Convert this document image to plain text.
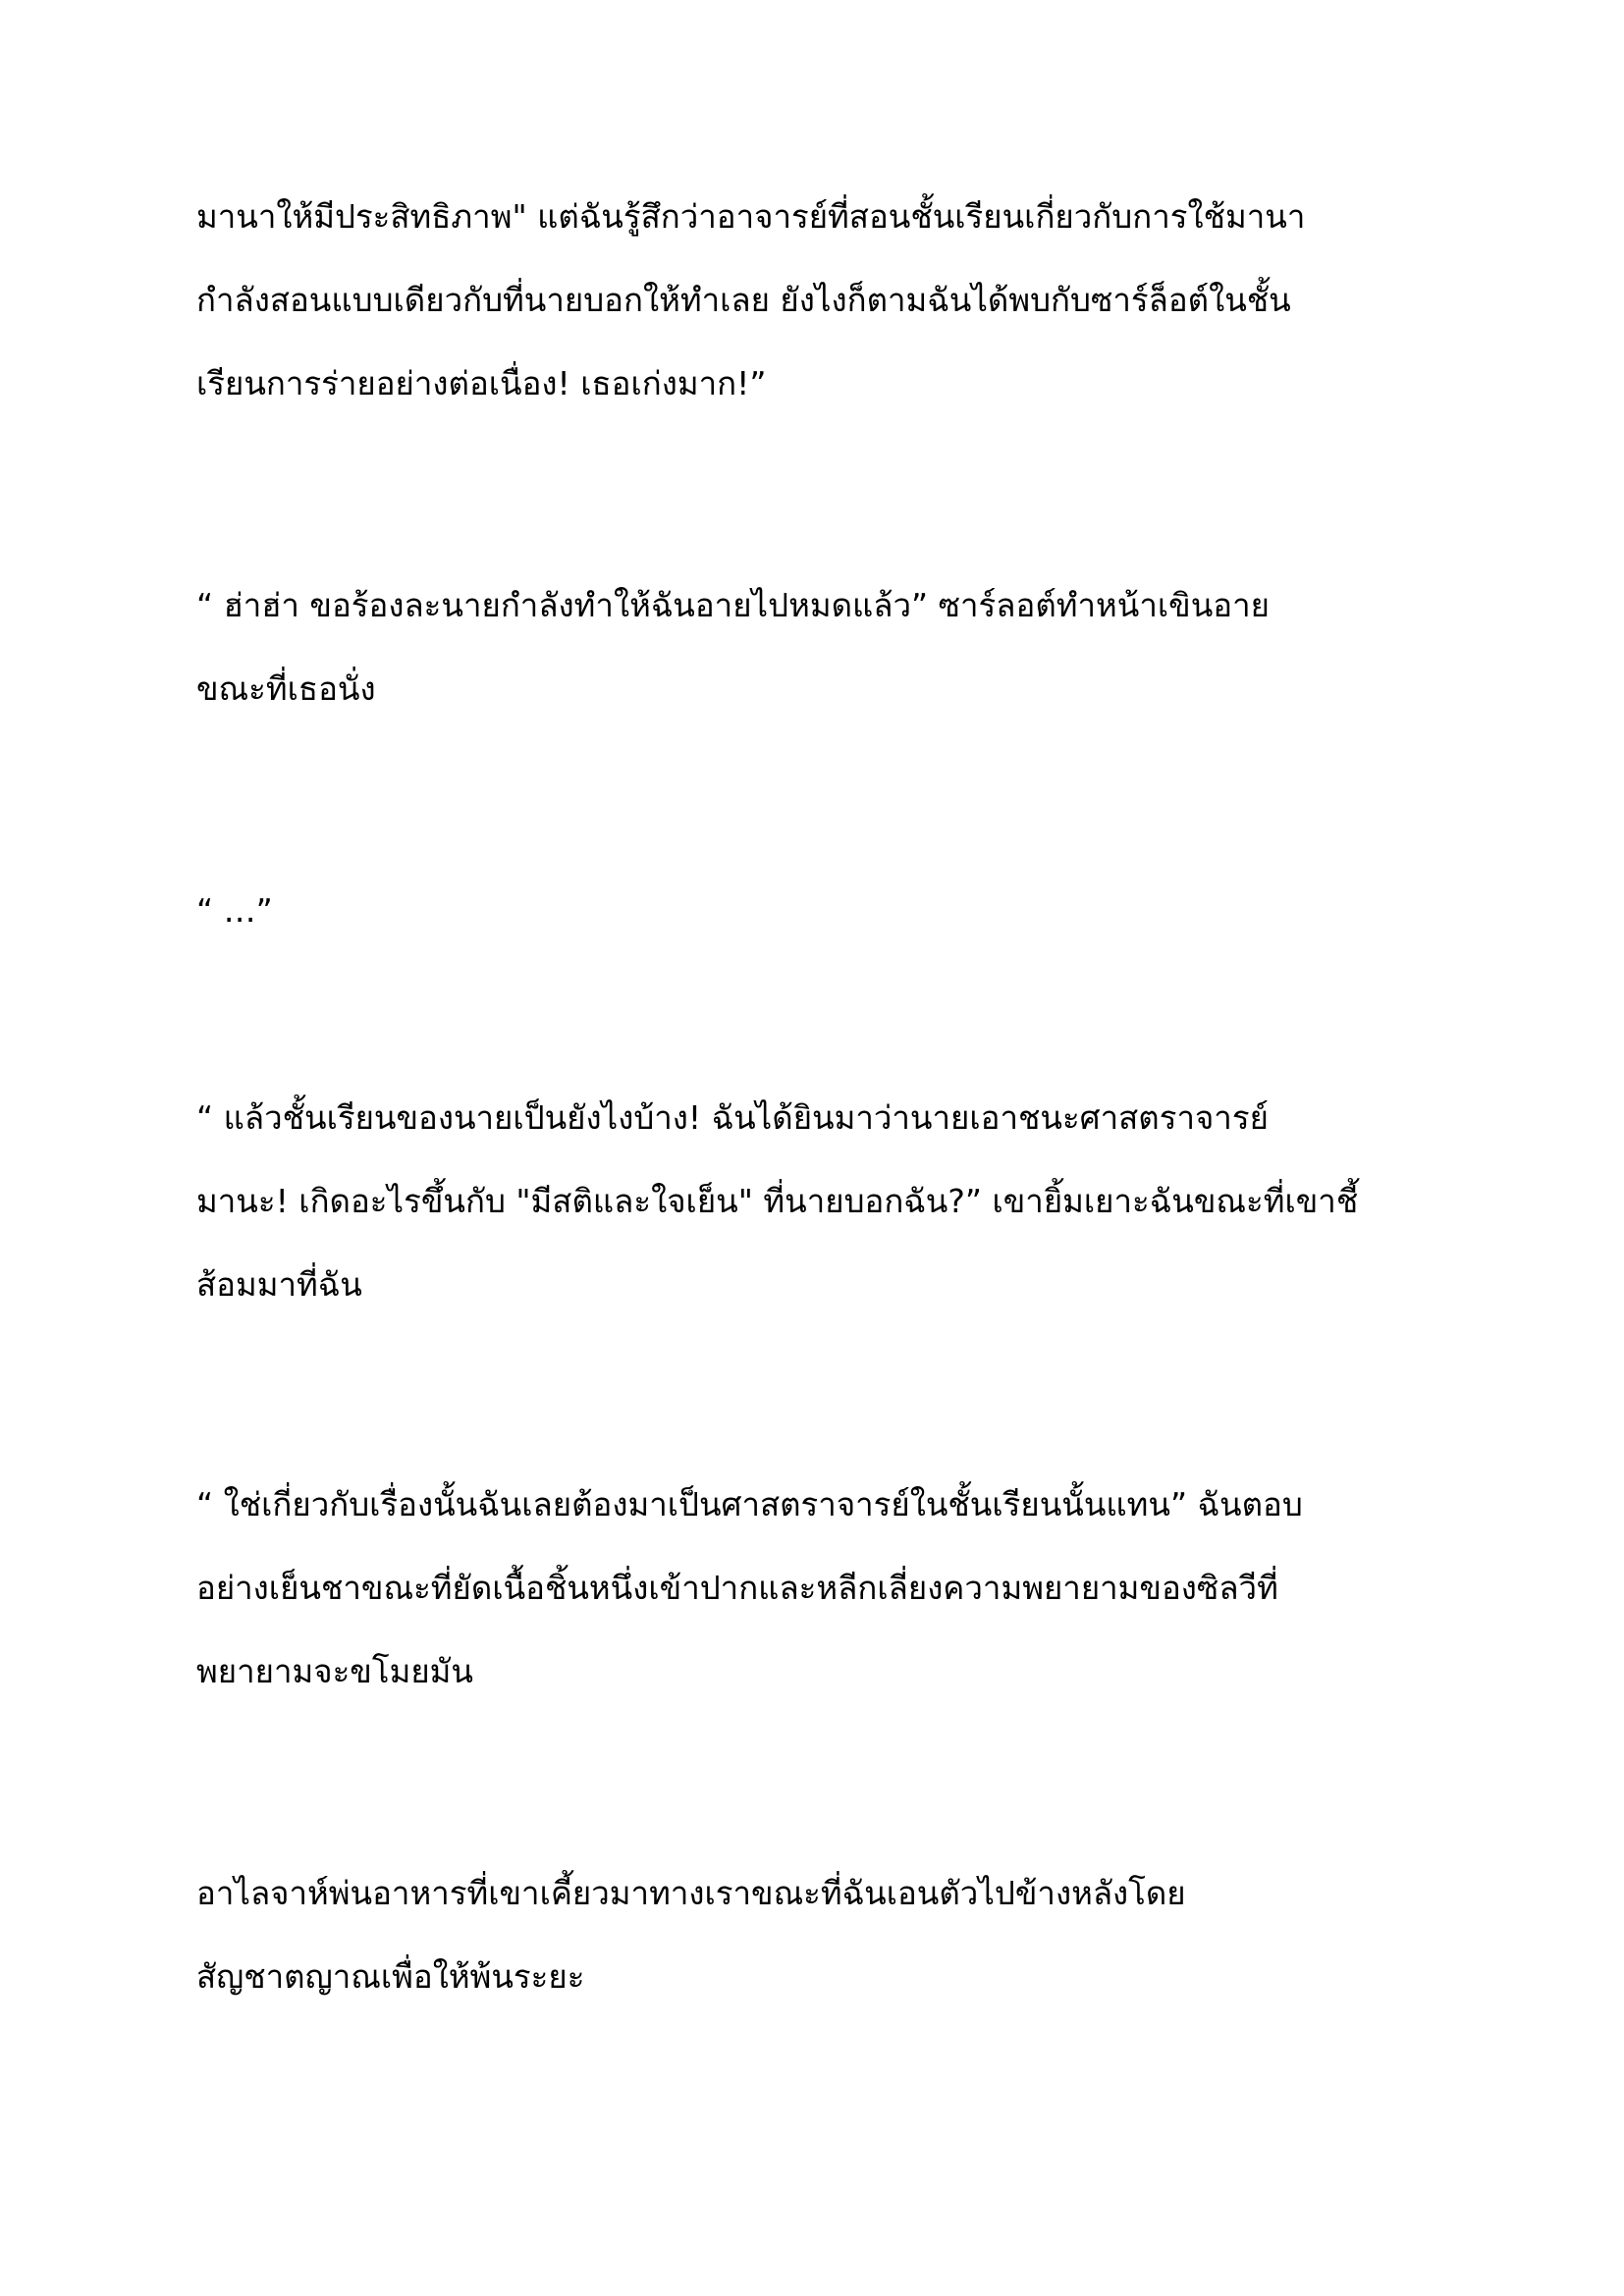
มานาให้มีประสิทธิภาพ" แต่ฉันรู้สึกว่าอาจารย์ที่สอนชั้นเรียนเกี่ยวกับการใช้มานา
กำลังสอนแบบเดียวกับที่นายบอกให้ทำเลย ยังไงก็ตามฉันได้พบกับซาร์ล็อต์ในชั้น
เรียนการร่ายอย่างต่อเนื่อง! เธอเก่งมาก!”
“ ฮ่าฮ่า ขอร้องละนายกำลังทำให้ฉันอายไปหมดแล้ว” ซาร์ลอต์ทำหน้าเขินอาย
ขณะที่เธอนั่ง
“ …”
“ แล้วชั้นเรียนของนายเป็นยังไงบ้าง! ฉันได้ยินมาว่านายเอาชนะศาสตราจารย์
มานะ! เกิดอะไรขึ้นกับ "มีสติและใจเย็น" ที่นายบอกฉัน?” เขายิ้มเยาะฉันขณะที่เขาชี้
ส้อมมาที่ฉัน
“ ใช่เกี่ยวกับเรื่องนั้นฉันเลยต้องมาเป็นศาสตราจารย์ในชั้นเรียนนั้นแทน” ฉันตอบ
อย่างเย็นชาขณะที่ยัดเนื้อชิ้นหนึ่งเข้าปากและหลีกเลี่ยงความพยายามของซิลวีที่
พยายามจะขโมยมัน
อาไลจาห์พ่นอาหารที่เขาเคี้ยวมาทางเราขณะที่ฉันเอนตัวไปข้างหลังโดย
สัญชาตญาณเพื่อให้พ้นระยะ
